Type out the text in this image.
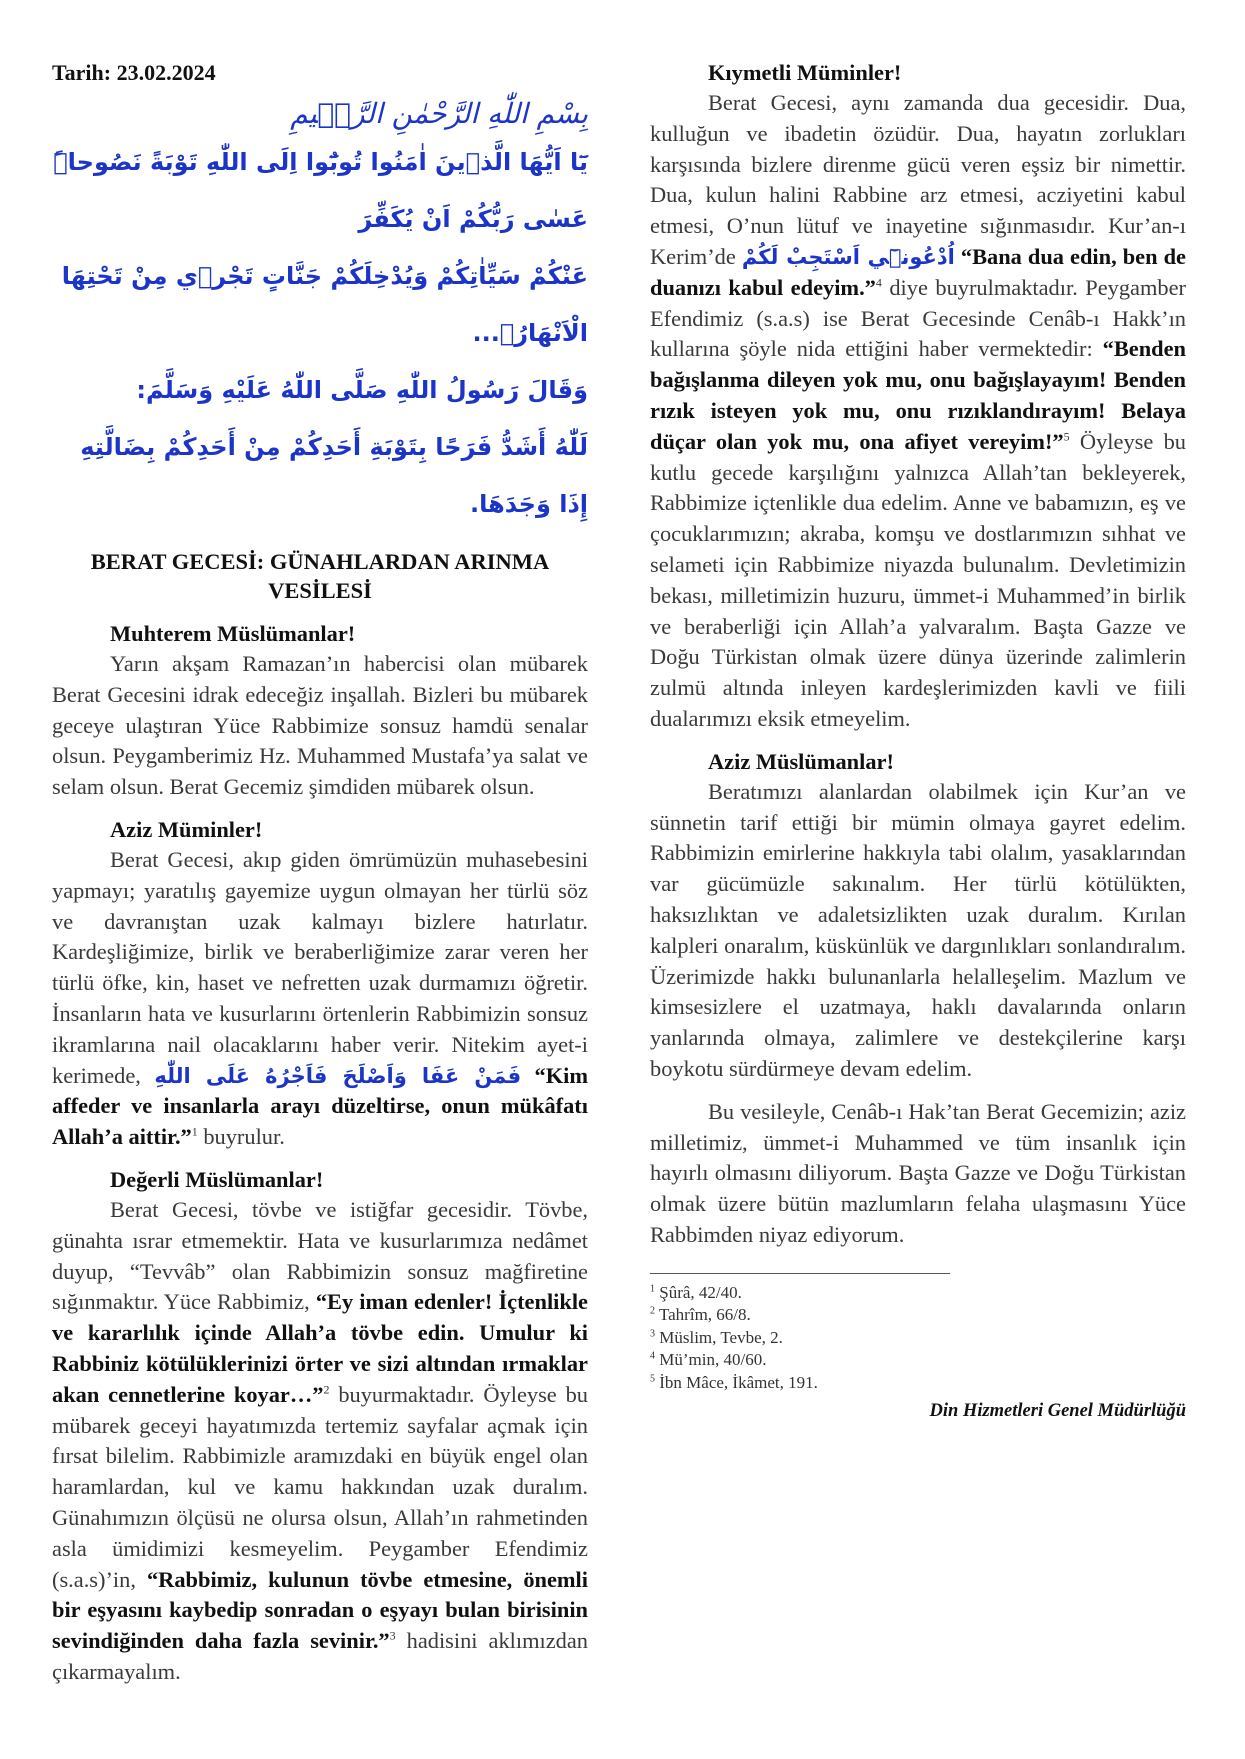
Tarih: 23.02.2024
بِسْمِ اللّٰهِ الرَّحْمٰنِ الرَّح۪يمِ

يَٓا اَيُّهَا الَّذ۪ينَ اٰمَنُوا تُوبُٓوا اِلَى اللّٰهِ تَوْبَةً نَصُوحاًۜ عَسٰى رَبُّكُمْ اَنْ يُكَفِّرَ

عَنْكُمْ سَيِّاٰتِكُمْ وَيُدْخِلَكُمْ جَنَّاتٍ تَجْر۪ي مِنْ تَحْتِهَا الْاَنْهَارُۙ...

وَقَالَ رَسُولُ اللّٰهِ صَلَّى اللّٰهُ عَلَيْهِ وَسَلَّمَ:

لَلّٰهُ أَشَدُّ فَرَحًا بِتَوْبَةِ أَحَدِكُمْ مِنْ أَحَدِكُمْ بِضَالَّتِهِ إِذَا وَجَدَهَا.

BERAT GECESİ: GÜNAHLARDAN ARINMA VESİLESİ
Muhterem Müslümanlar!

Yarın akşam Ramazan’ın habercisi olan mübarek Berat Gecesini idrak edeceğiz inşallah. Bizleri bu mübarek geceye ulaştıran Yüce Rabbimize sonsuz hamdü senalar olsun. Peygamberimiz Hz. Muhammed Mustafa’ya salat ve selam olsun. Berat Gecemiz şimdiden mübarek olsun.

Aziz Müminler!

Berat Gecesi, akıp giden ömrümüzün muhasebesini yapmayı; yaratılış gayemize uygun olmayan her türlü söz ve davranıştan uzak kalmayı bizlere hatırlatır. Kardeşliğimize, birlik ve beraberliğimize zarar veren her türlü öfke, kin, haset ve nefretten uzak durmamızı öğretir. İnsanların hata ve kusurlarını örtenlerin Rabbimizin sonsuz ikramlarına nail olacaklarını haber verir. Nitekim ayet-i kerimede, فَمَنْ عَفَا وَاَصْلَحَ فَاَجْرُهُ عَلَى اللّٰهِ “Kim affeder ve insanlarla arayı düzeltirse, onun mükâfatı Allah’a aittir.”$^1$ buyrulur.

Değerli Müslümanlar!

Berat Gecesi, tövbe ve istiğfar gecesidir. Tövbe, günahta ısrar etmemektir. Hata ve kusurlarımıza nedâmet duyup, “Tevvâb” olan Rabbimizin sonsuz mağfiretine sığınmaktır. Yüce Rabbimiz, “Ey iman edenler! İçtenlikle ve kararlılık içinde Allah’a tövbe edin. Umulur ki Rabbiniz kötülüklerinizi örter ve sizi altından ırmaklar akan cennetlerine koyar…”$^2$ buyurmaktadır. Öyleyse bu mübarek geceyi hayatımızda tertemiz sayfalar açmak için fırsat bilelim. Rabbimizle aramızdaki en büyük engel olan haramlardan, kul ve kamu hakkından uzak duralım. Günahımızın ölçüsü ne olursa olsun, Allah’ın rahmetinden asla ümidimizi kesmeyelim. Peygamber Efendimiz (s.a.s)’in, “Rabbimiz, kulunun tövbe etmesine, önemli bir eşyasını kaybedip sonradan o eşyayı bulan birisinin sevindiğinden daha fazla sevinir.”$^3$ hadisini aklımızdan çıkarmayalım.

Kıymetli Müminler!

Berat Gecesi, aynı zamanda dua gecesidir. Dua, kulluğun ve ibadetin özüdür. Dua, hayatın zorlukları karşısında bizlere direnme gücü veren eşsiz bir nimettir. Dua, kulun halini Rabbine arz etmesi, acziyetini kabul etmesi, O’nun lütuf ve inayetine sığınmasıdır. Kur’an-ı Kerim’de اُدْعُون۪ٓي اَسْتَجِبْ لَكُمْ “Bana dua edin, ben de duanızı kabul edeyim.”$^4$ diye buyrulmaktadır. Peygamber Efendimiz (s.a.s) ise Berat Gecesinde Cenâb-ı Hakk’ın kullarına şöyle nida ettiğini haber vermektedir: “Benden bağışlanma dileyen yok mu, onu bağışlayayım! Benden rızık isteyen yok mu, onu rızıklandırayım! Belaya düçar olan yok mu, ona afiyet vereyim!”$^5$ Öyleyse bu kutlu gecede karşılığını yalnızca Allah’tan bekleyerek, Rabbimize içtenlikle dua edelim. Anne ve babamızın, eş ve çocuklarımızın; akraba, komşu ve dostlarımızın sıhhat ve selameti için Rabbimize niyazda bulunalım. Devletimizin bekası, milletimizin huzuru, ümmet-i Muhammed’in birlik ve beraberliği için Allah’a yalvaralım. Başta Gazze ve Doğu Türkistan olmak üzere dünya üzerinde zalimlerin zulmü altında inleyen kardeşlerimizden kavli ve fiili dualarımızı eksik etmeyelim.

Aziz Müslümanlar!

Beratımızı alanlardan olabilmek için Kur’an ve sünnetin tarif ettiği bir mümin olmaya gayret edelim. Rabbimizin emirlerine hakkıyla tabi olalım, yasaklarından var gücümüzle sakınalım. Her türlü kötülükten, haksızlıktan ve adaletsizlikten uzak duralım. Kırılan kalpleri onaralım, küskünlük ve dargınlıkları sonlandıralım. Üzerimizde hakkı bulunanlarla helalleşelim. Mazlum ve kimsesizlere el uzatmaya, haklı davalarında onların yanlarında olmaya, zalimlere ve destekçilerine karşı boykotu sürdürmeye devam edelim.

Bu vesileyle, Cenâb-ı Hak’tan Berat Gecemizin; aziz milletimiz, ümmet-i Muhammed ve tüm insanlık için hayırlı olmasını diliyorum. Başta Gazze ve Doğu Türkistan olmak üzere bütün mazlumların felaha ulaşmasını Yüce Rabbimden niyaz ediyorum.

$^1$ Şûrâ, 42/40.

$^2$ Tahrîm, 66/8.

$^3$ Müslim, Tevbe, 2.

$^4$ Mü’min, 40/60.

$^5$ İbn Mâce, İkâmet, 191.

Din Hizmetleri Genel Müdürlüğü
